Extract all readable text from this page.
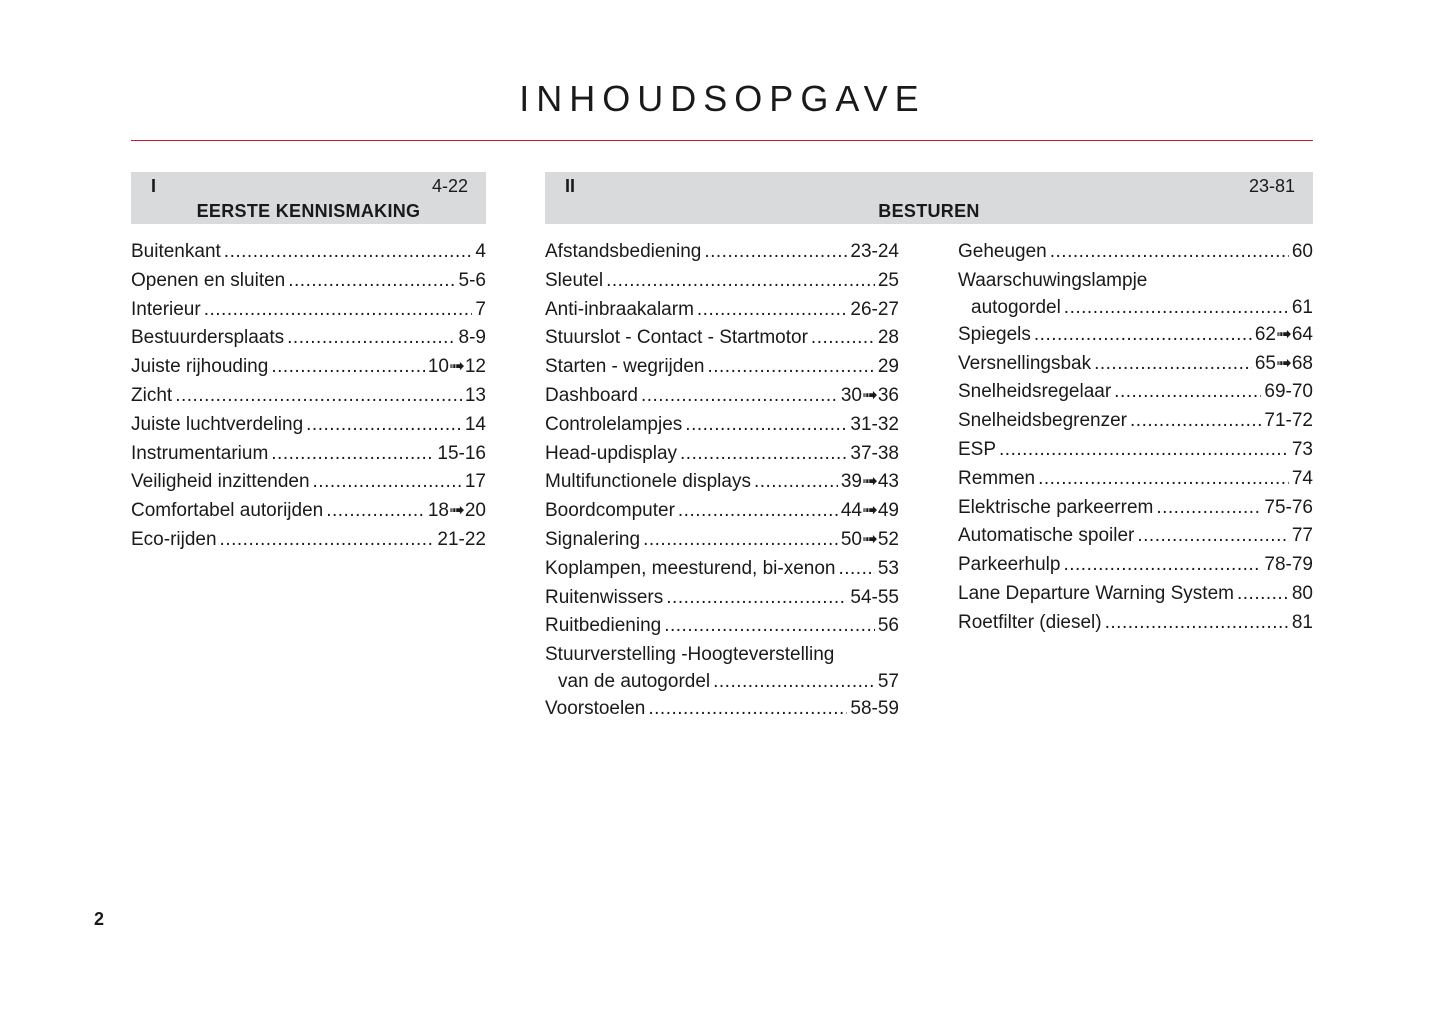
INHOUDSOPGAVE
I	4-22
EERSTE KENNISMAKING
II	23-81
BESTUREN
Buitenkant .....	4
Openen en sluiten .....	5-6
Interieur .....	7
Bestuurdersplaats .....	8-9
Juiste rijhouding .....	10➟12
Zicht .....	13
Juiste luchtverdeling .....	14
Instrumentarium .....	15-16
Veiligheid inzittenden .....	17
Comfortabel autorijden .....	18➟20
Eco-rijden .....	21-22
Afstandsbediening .....	23-24
Sleutel .....	25
Anti-inbraakalarm .....	26-27
Stuurslot - Contact - Startmotor .....	28
Starten - wegrijden .....	29
Dashboard .....	30➟36
Controlelampjes .....	31-32
Head-updisplay .....	37-38
Multifunctionele displays .....	39➟43
Boordcomputer .....	44➟49
Signalering .....	50➟52
Koplampen, meesturend, bi-xenon ..... 53
Ruitenwissers .....	54-55
Ruitbediening .....	56
Stuurverstelling -Hoogteverstelling
van de autogordel .....	57
Voorstoelen .....	58-59
Geheugen .....	60
Waarschuwingslampje
autogordel .....	61
Spiegels .....	62➟64
Versnellingsbak .....	65➟68
Snelheidsregelaar .....	69-70
Snelheidsbegrenzer .....	71-72
ESP .....	73
Remmen .....	74
Elektrische parkeerrem .....	75-76
Automatische spoiler .....	77
Parkeerhulp .....	78-79
Lane Departure Warning System .....	80
Roetfilter (diesel) .....	81
2
